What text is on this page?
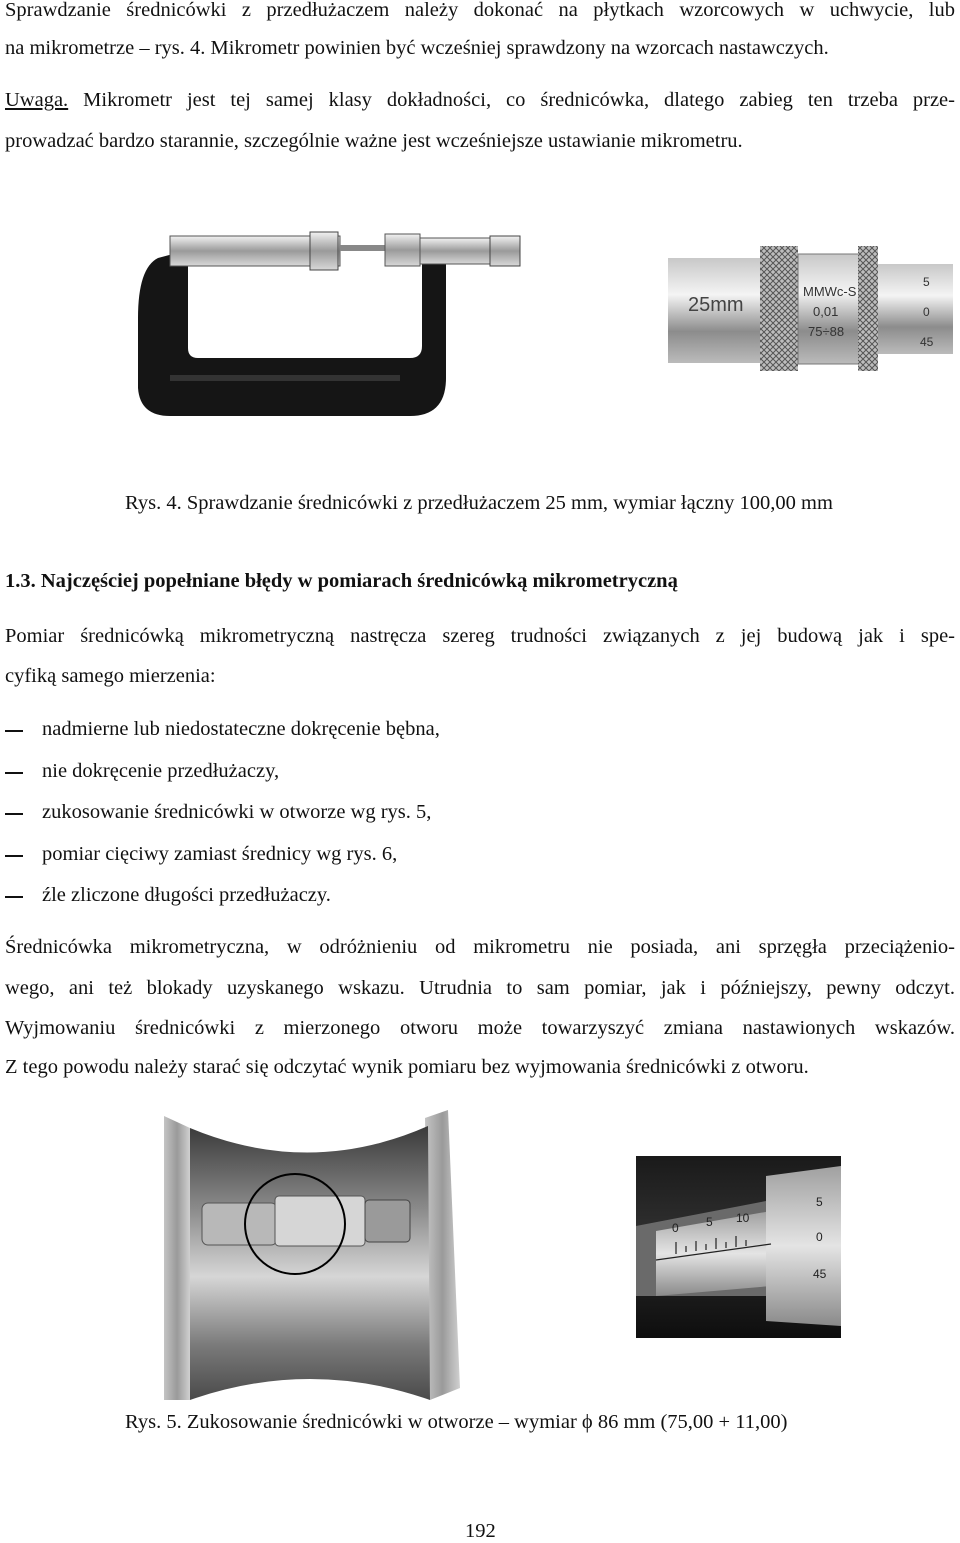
Sprawdzanie średnicówki z przedłużaczem należy dokonać na płytkach wzorcowych w uchwycie, lub
na mikrometrze – rys. 4. Mikrometr powinien być wcześniej sprawdzony na wzorcach nastawczych.
Uwaga. Mikrometr jest tej samej klasy dokładności, co średnicówka, dlatego zabieg ten trzeba prze-
prowadzać bardzo starannie, szczególnie ważne jest wcześniejsze ustawianie mikrometru.
25mm
MMWc-S
0,01
75÷88
5
0
45
Rys. 4. Sprawdzanie średnicówki z przedłużaczem 25 mm, wymiar łączny 100,00 mm
1.3. Najczęściej popełniane błędy w pomiarach średnicówką mikrometryczną
Pomiar średnicówką mikrometryczną nastręcza szereg trudności związanych z jej budową jak i spe-
cyfiką samego mierzenia:
nadmierne lub niedostateczne dokręcenie bębna,
nie dokręcenie przedłużaczy,
zukosowanie średnicówki w otworze wg rys. 5,
pomiar cięciwy zamiast średnicy wg rys. 6,
źle zliczone długości przedłużaczy.
Średnicówka mikrometryczna, w odróżnieniu od mikrometru nie posiada, ani sprzęgła przeciążenio-
wego, ani też blokady uzyskanego wskazu. Utrudnia to sam pomiar, jak i późniejszy, pewny odczyt.
Wyjmowaniu średnicówki z mierzonego otworu może towarzyszyć zmiana nastawionych wskazów.
Z tego powodu należy starać się odczytać wynik pomiaru bez wyjmowania średnicówki z otworu.
0 5 10
5
0
45
Rys. 5. Zukosowanie średnicówki w otworze – wymiar ϕ 86 mm (75,00 + 11,00)
192
